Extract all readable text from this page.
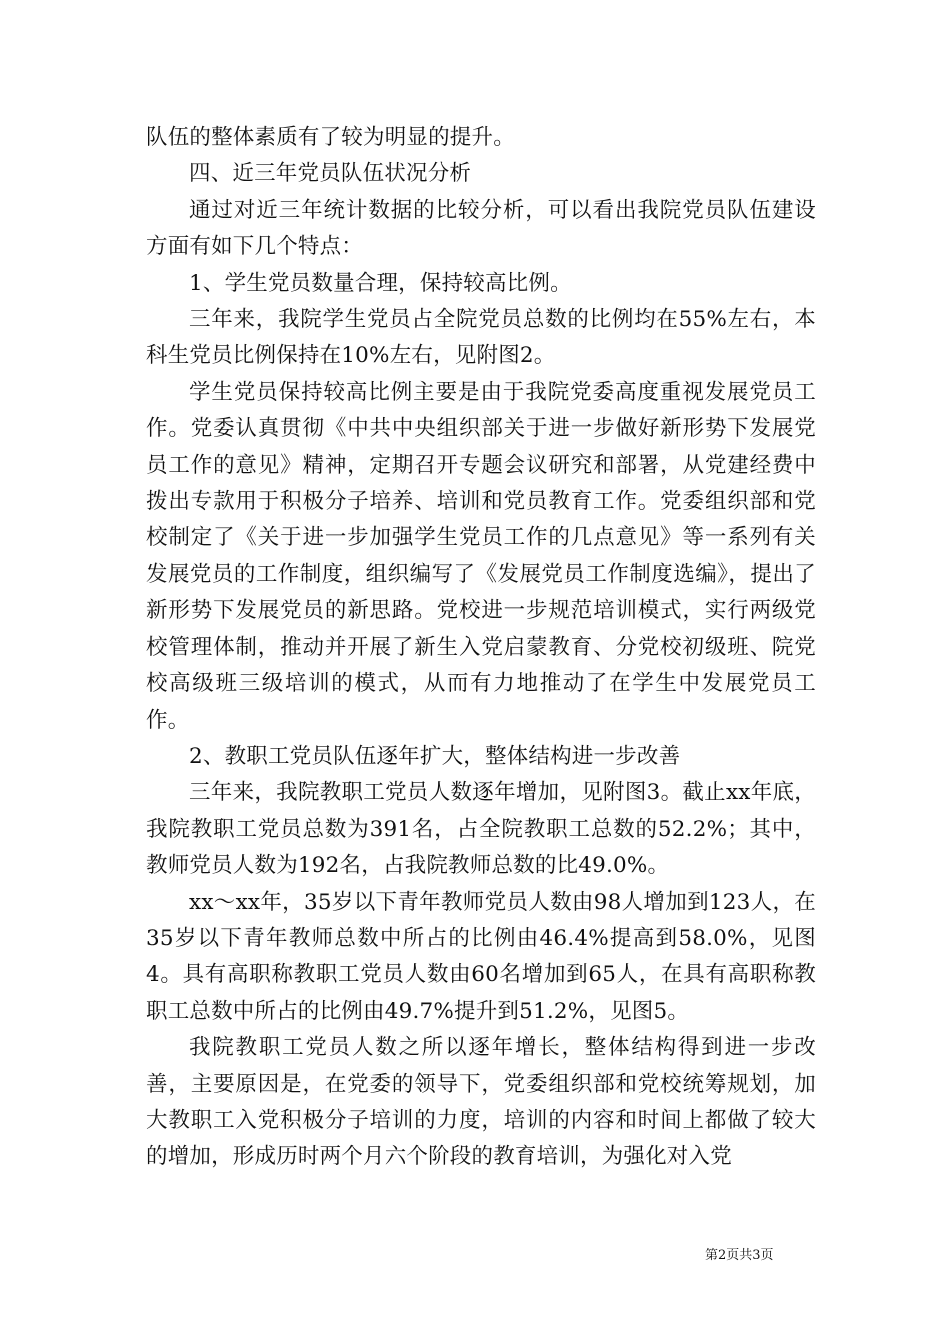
队伍的整体素质有了较为明显的提升。

四、近三年党员队伍状况分析

通过对近三年统计数据的比较分析，可以看出我院党员队伍建设方面有如下几个特点：

1、学生党员数量合理，保持较高比例。

三年来，我院学生党员占全院党员总数的比例均在55%左右，本科生党员比例保持在10%左右，见附图2。

学生党员保持较高比例主要是由于我院党委高度重视发展党员工作。党委认真贯彻《中共中央组织部关于进一步做好新形势下发展党员工作的意见》精神，定期召开专题会议研究和部署，从党建经费中拨出专款用于积极分子培养、培训和党员教育工作。党委组织部和党校制定了《关于进一步加强学生党员工作的几点意见》等一系列有关发展党员的工作制度，组织编写了《发展党员工作制度选编》，提出了新形势下发展党员的新思路。党校进一步规范培训模式，实行两级党校管理体制，推动并开展了新生入党启蒙教育、分党校初级班、院党校高级班三级培训的模式，从而有力地推动了在学生中发展党员工作。

2、教职工党员队伍逐年扩大，整体结构进一步改善

三年来，我院教职工党员人数逐年增加，见附图3。截止xx年底，我院教职工党员总数为391名，占全院教职工总数的52.2%；其中，教师党员人数为192名，占我院教师总数的比49.0%。

xx～xx年，35岁以下青年教师党员人数由98人增加到123人，在35岁以下青年教师总数中所占的比例由46.4%提高到58.0%，见图4。具有高职称教职工党员人数由60名增加到65人，在具有高职称教职工总数中所占的比例由49.7%提升到51.2%，见图5。

我院教职工党员人数之所以逐年增长，整体结构得到进一步改善，主要原因是，在党委的领导下，党委组织部和党校统筹规划，加大教职工入党积极分子培训的力度，培训的内容和时间上都做了较大的增加，形成历时两个月六个阶段的教育培训，为强化对入党

第2页共3页
